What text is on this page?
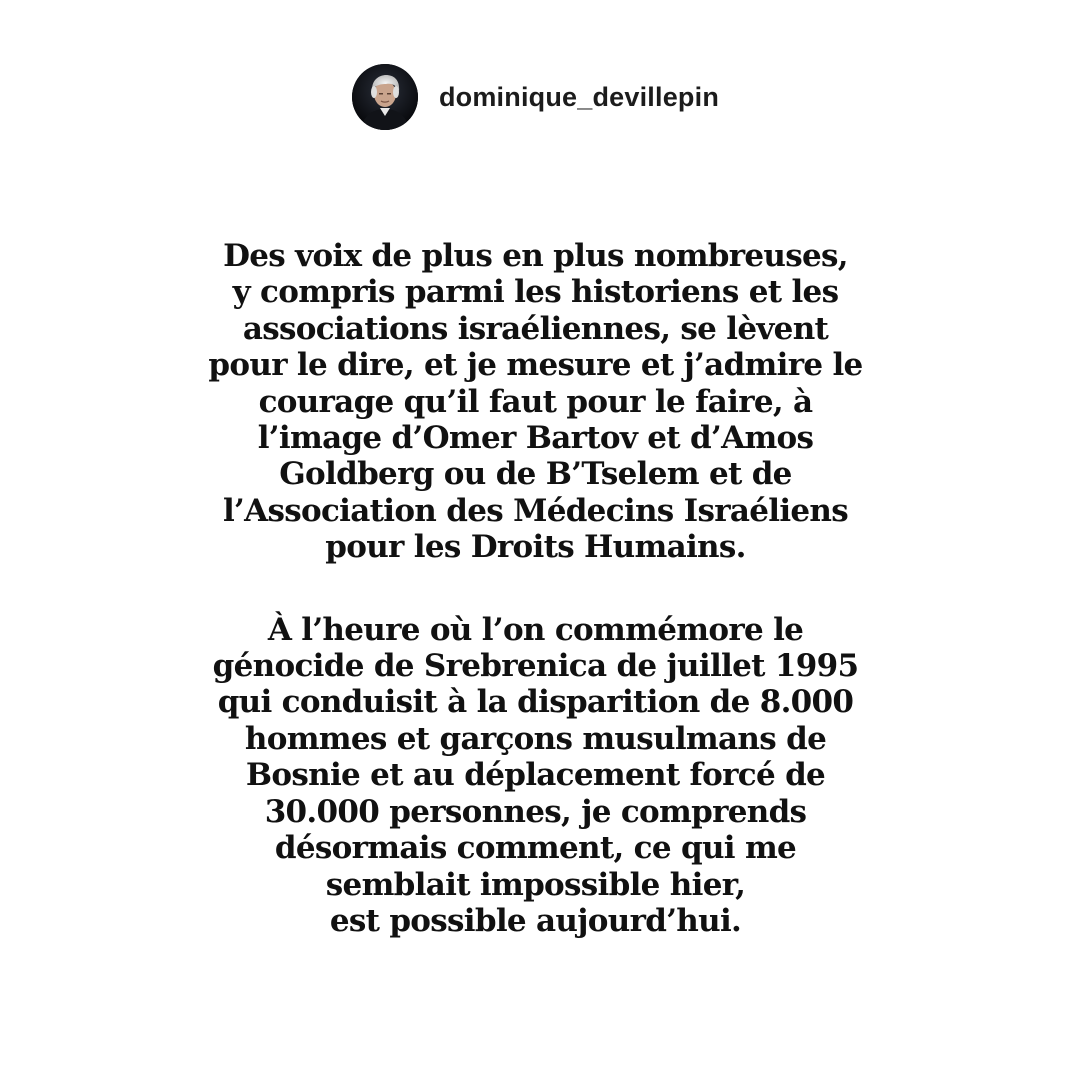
dominique_devillepin

Des voix de plus en plus nombreuses,
y compris parmi les historiens et les
associations israéliennes, se lèvent
pour le dire, et je mesure et j’admire le
courage qu’il faut pour le faire, à
l’image d’Omer Bartov et d’Amos
Goldberg ou de B’Tselem et de
l’Association des Médecins Israéliens
pour les Droits Humains.

À l’heure où l’on commémore le
génocide de Srebrenica de juillet 1995
qui conduisit à la disparition de 8.000
hommes et garçons musulmans de
Bosnie et au déplacement forcé de
30.000 personnes, je comprends
désormais comment, ce qui me
semblait impossible hier,
est possible aujourd’hui.
